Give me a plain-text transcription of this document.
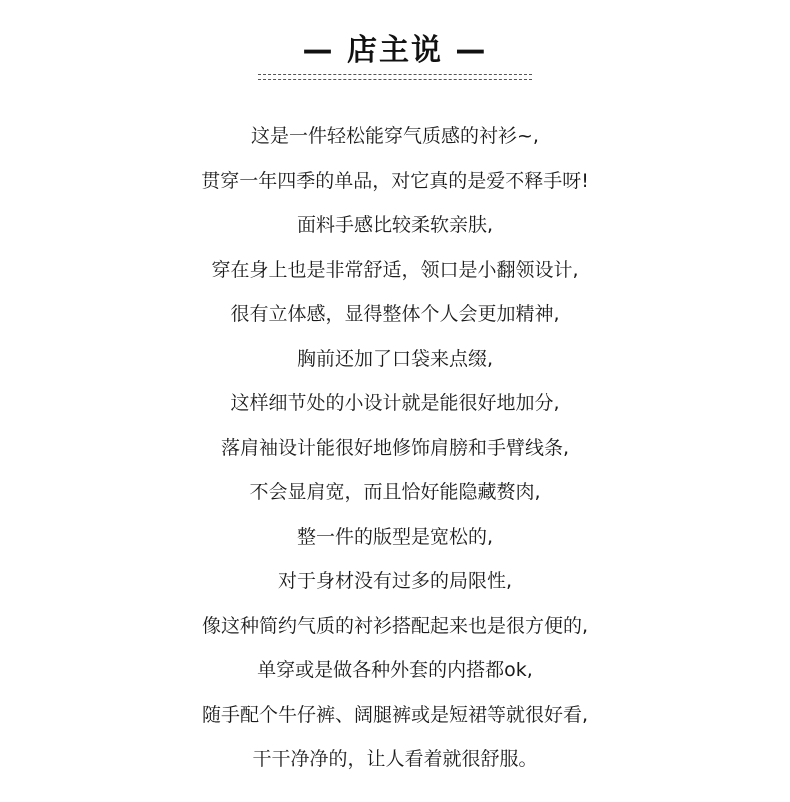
— 店主说 —
这是一件轻松能穿气质感的衬衫~,
贯穿一年四季的单品，对它真的是爱不释手呀!
面料手感比较柔软亲肤,
穿在身上也是非常舒适，领口是小翻领设计,
很有立体感，显得整体个人会更加精神,
胸前还加了口袋来点缀,
这样细节处的小设计就是能很好地加分,
落肩袖设计能很好地修饰肩膀和手臂线条,
不会显肩宽，而且恰好能隐藏赘肉,
整一件的版型是宽松的,
对于身材没有过多的局限性,
像这种简约气质的衬衫搭配起来也是很方便的,
单穿或是做各种外套的内搭都ok,
随手配个牛仔裤、阔腿裤或是短裙等就很好看,
干干净净的，让人看着就很舒服。
